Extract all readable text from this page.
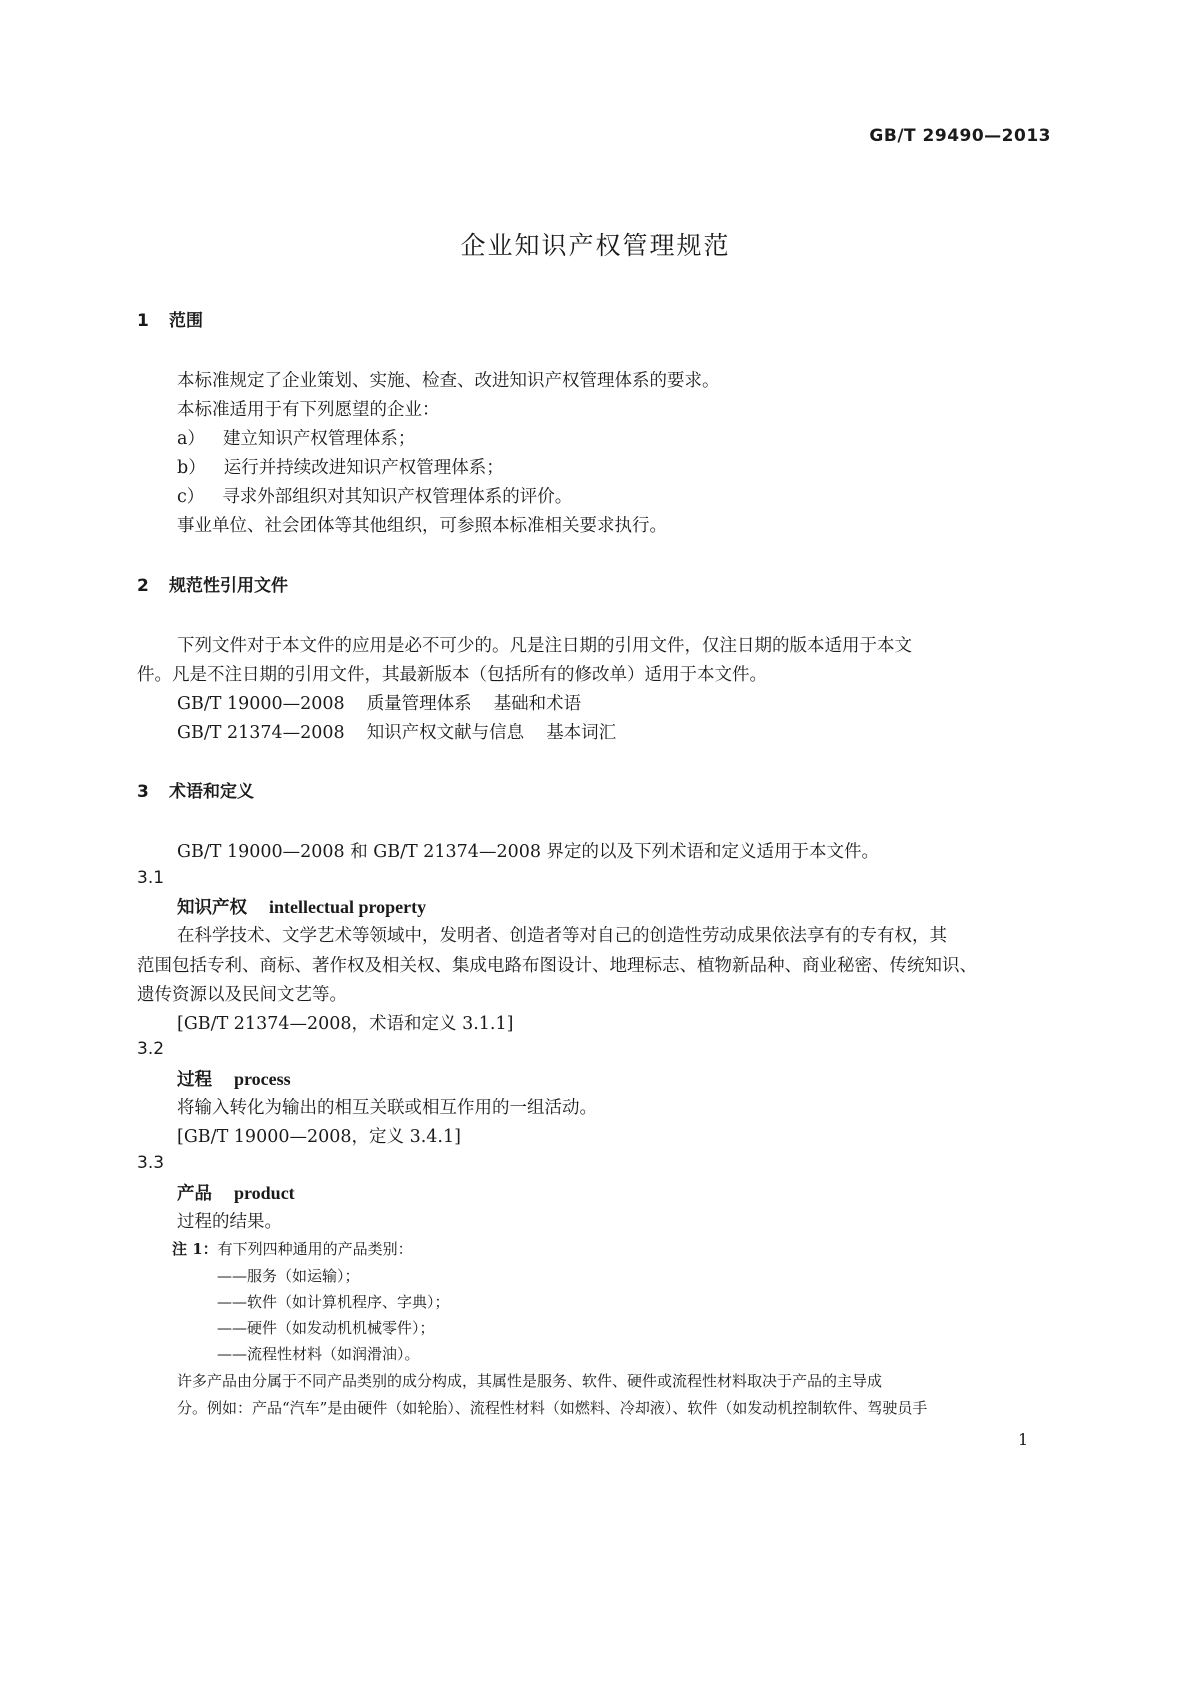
GB/T 29490—2013
企业知识产权管理规范
1 范围
本标准规定了企业策划、实施、检查、改进知识产权管理体系的要求。
本标准适用于有下列愿望的企业：
a） 建立知识产权管理体系；
b） 运行并持续改进知识产权管理体系；
c） 寻求外部组织对其知识产权管理体系的评价。
事业单位、社会团体等其他组织，可参照本标准相关要求执行。
2 规范性引用文件
下列文件对于本文件的应用是必不可少的。凡是注日期的引用文件，仅注日期的版本适用于本文
件。凡是不注日期的引用文件，其最新版本（包括所有的修改单）适用于本文件。
GB/T 19000—2008 质量管理体系 基础和术语
GB/T 21374—2008 知识产权文献与信息 基本词汇
3 术语和定义
GB/T 19000—2008 和 GB/T 21374—2008 界定的以及下列术语和定义适用于本文件。
3.1
知识产权 intellectual property
在科学技术、文学艺术等领域中，发明者、创造者等对自己的创造性劳动成果依法享有的专有权，其
范围包括专利、商标、著作权及相关权、集成电路布图设计、地理标志、植物新品种、商业秘密、传统知识、
遗传资源以及民间文艺等。
[GB/T 21374—2008，术语和定义 3.1.1]
3.2
过程 process
将输入转化为输出的相互关联或相互作用的一组活动。
[GB/T 19000—2008，定义 3.4.1]
3.3
产品 product
过程的结果。
注 1：有下列四种通用的产品类别：
——服务（如运输）；
——软件（如计算机程序、字典）；
——硬件（如发动机机械零件）；
——流程性材料（如润滑油）。
许多产品由分属于不同产品类别的成分构成，其属性是服务、软件、硬件或流程性材料取决于产品的主导成
分。例如：产品“汽车”是由硬件（如轮胎）、流程性材料（如燃料、冷却液）、软件（如发动机控制软件、驾驶员手
1
